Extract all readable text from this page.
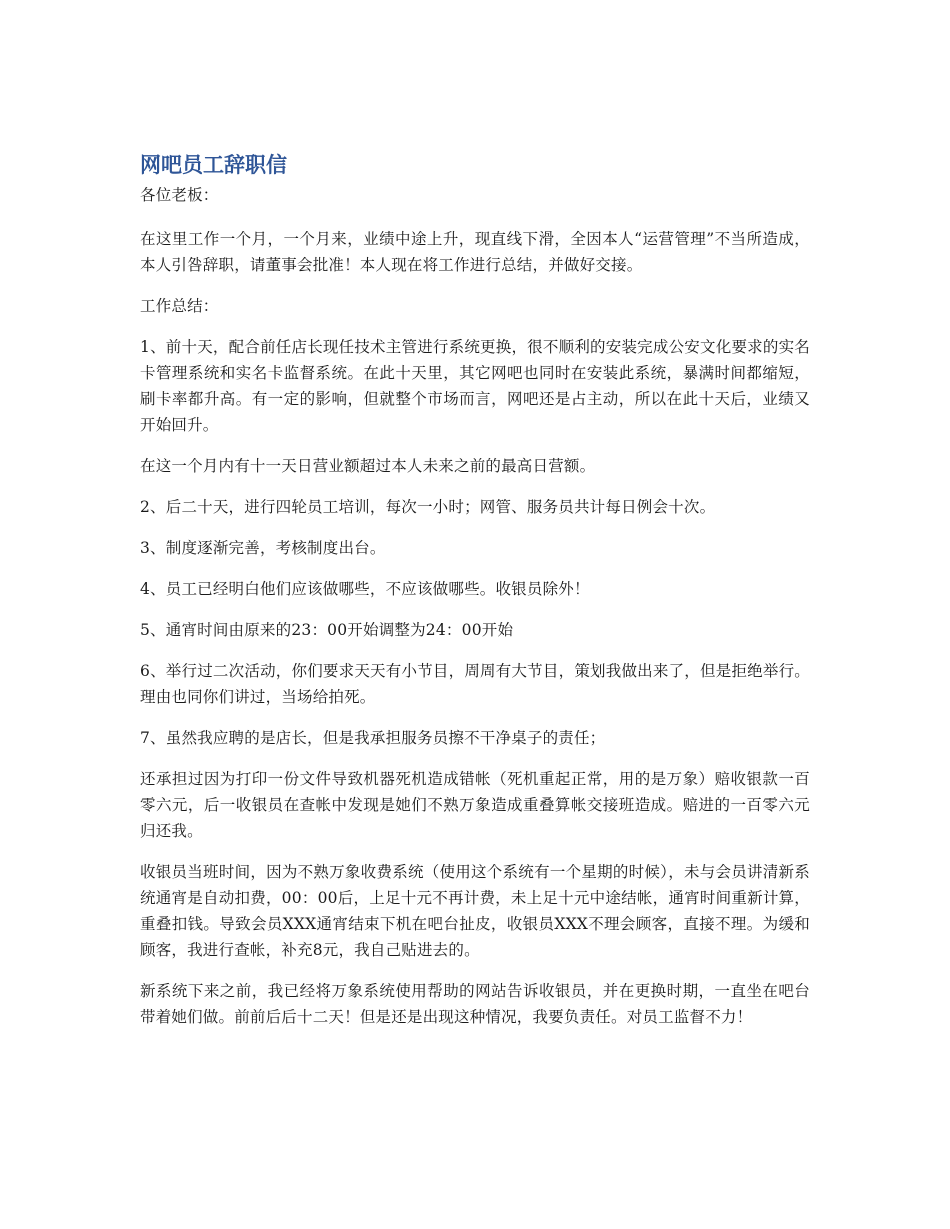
网吧员工辞职信

各位老板：

在这里工作一个月，一个月来，业绩中途上升，现直线下滑，全因本人“运营管理”不当所造成，本人引咎辞职，请董事会批准！本人现在将工作进行总结，并做好交接。

工作总结：

1、前十天，配合前任店长现任技术主管进行系统更换，很不顺利的安装完成公安文化要求的实名卡管理系统和实名卡监督系统。在此十天里，其它网吧也同时在安装此系统，暴满时间都缩短，刷卡率都升高。有一定的影响，但就整个市场而言，网吧还是占主动，所以在此十天后，业绩又开始回升。

在这一个月内有十一天日营业额超过本人未来之前的最高日营额。

2、后二十天，进行四轮员工培训，每次一小时；网管、服务员共计每日例会十次。

3、制度逐渐完善，考核制度出台。

4、员工已经明白他们应该做哪些，不应该做哪些。收银员除外！

5、通宵时间由原来的23：00开始调整为24：00开始

6、举行过二次活动，你们要求天天有小节目，周周有大节目，策划我做出来了，但是拒绝举行。理由也同你们讲过，当场给拍死。

7、虽然我应聘的是店长，但是我承担服务员擦不干净桌子的责任；

还承担过因为打印一份文件导致机器死机造成错帐（死机重起正常，用的是万象）赔收银款一百零六元，后一收银员在查帐中发现是她们不熟万象造成重叠算帐交接班造成。赔进的一百零六元归还我。

收银员当班时间，因为不熟万象收费系统（使用这个系统有一个星期的时候），未与会员讲清新系统通宵是自动扣费，00：00后，上足十元不再计费，未上足十元中途结帐，通宵时间重新计算，重叠扣钱。导致会员XXX通宵结束下机在吧台扯皮，收银员XXX不理会顾客，直接不理。为缓和顾客，我进行查帐，补充8元，我自己贴进去的。

新系统下来之前，我已经将万象系统使用帮助的网站告诉收银员，并在更换时期，一直坐在吧台带着她们做。前前后后十二天！但是还是出现这种情况，我要负责任。对员工监督不力！
